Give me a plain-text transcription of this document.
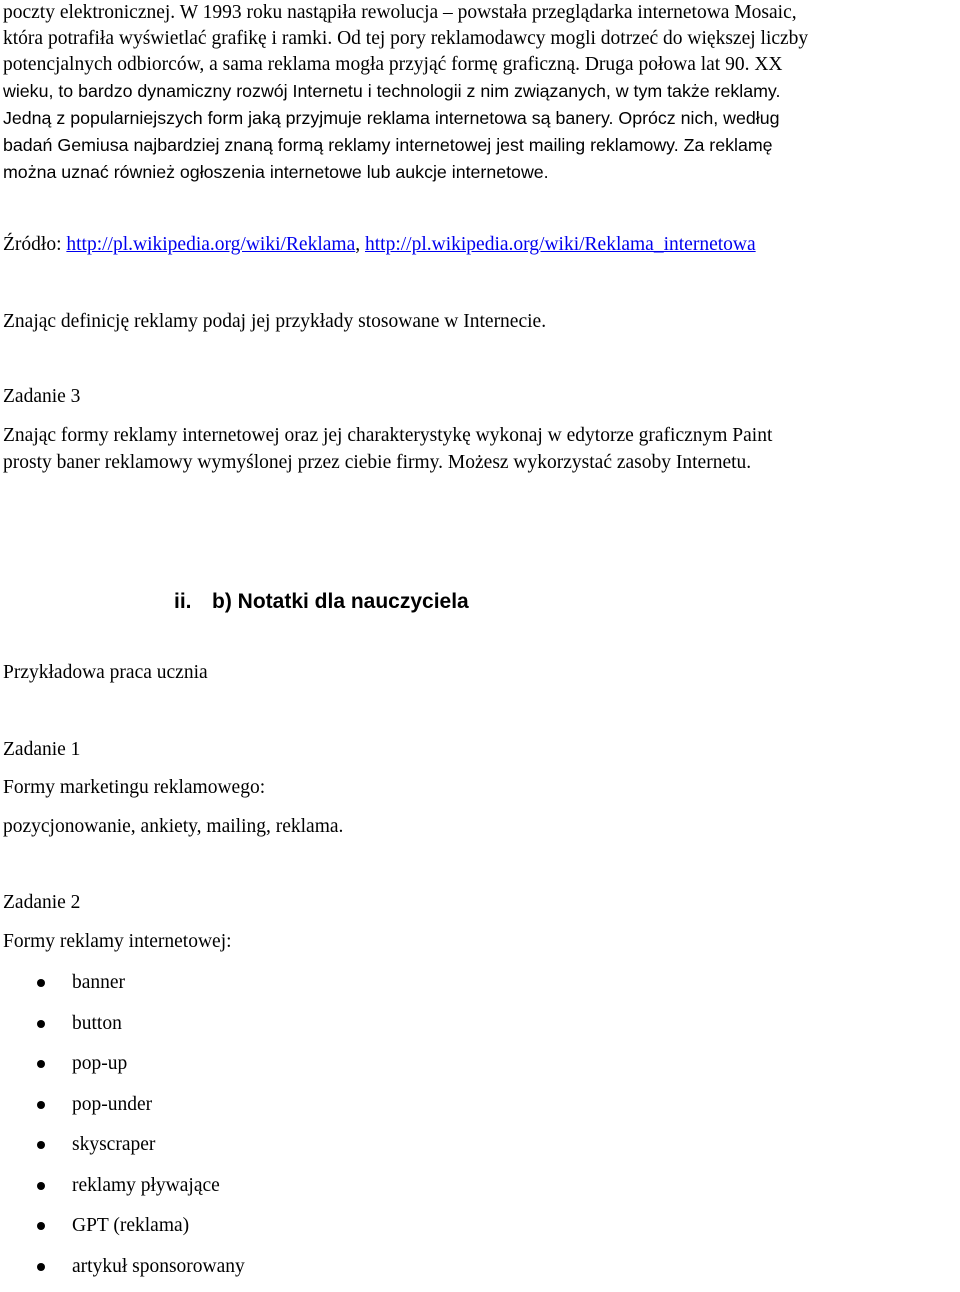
poczty elektronicznej. W 1993 roku nastąpiła rewolucja – powstała przeglądarka internetowa Mosaic,
która potrafiła wyświetlać grafikę i ramki. Od tej pory reklamodawcy mogli dotrzeć do większej liczby
potencjalnych odbiorców, a sama reklama mogła przyjąć formę graficzną. Druga połowa lat 90. XX
wieku, to bardzo dynamiczny rozwój Internetu i technologii z nim związanych, w tym także reklamy.
Jedną z popularniejszych form jaką przyjmuje reklama internetowa są banery. Oprócz nich, według
badań Gemiusa najbardziej znaną formą reklamy internetowej jest mailing reklamowy. Za reklamę
można uznać również ogłoszenia internetowe lub aukcje internetowe.

Źródło: http://pl.wikipedia.org/wiki/Reklama, http://pl.wikipedia.org/wiki/Reklama_internetowa

Znając definicję reklamy podaj jej przykłady stosowane w Internecie.

Zadanie 3

Znając formy reklamy internetowej oraz jej charakterystykę wykonaj w edytorze graficznym Paint

prosty baner reklamowy wymyślonej przez ciebie firmy. Możesz wykorzystać zasoby Internetu.

ii. b) Notatki dla nauczyciela

Przykładowa praca ucznia

Zadanie 1

Formy marketingu reklamowego:

pozycjonowanie, ankiety, mailing, reklama.

Zadanie 2

Formy reklamy internetowej:

banner
button
pop-up
pop-under
skyscraper
reklamy pływające
GPT (reklama)
artykuł sponsorowany
